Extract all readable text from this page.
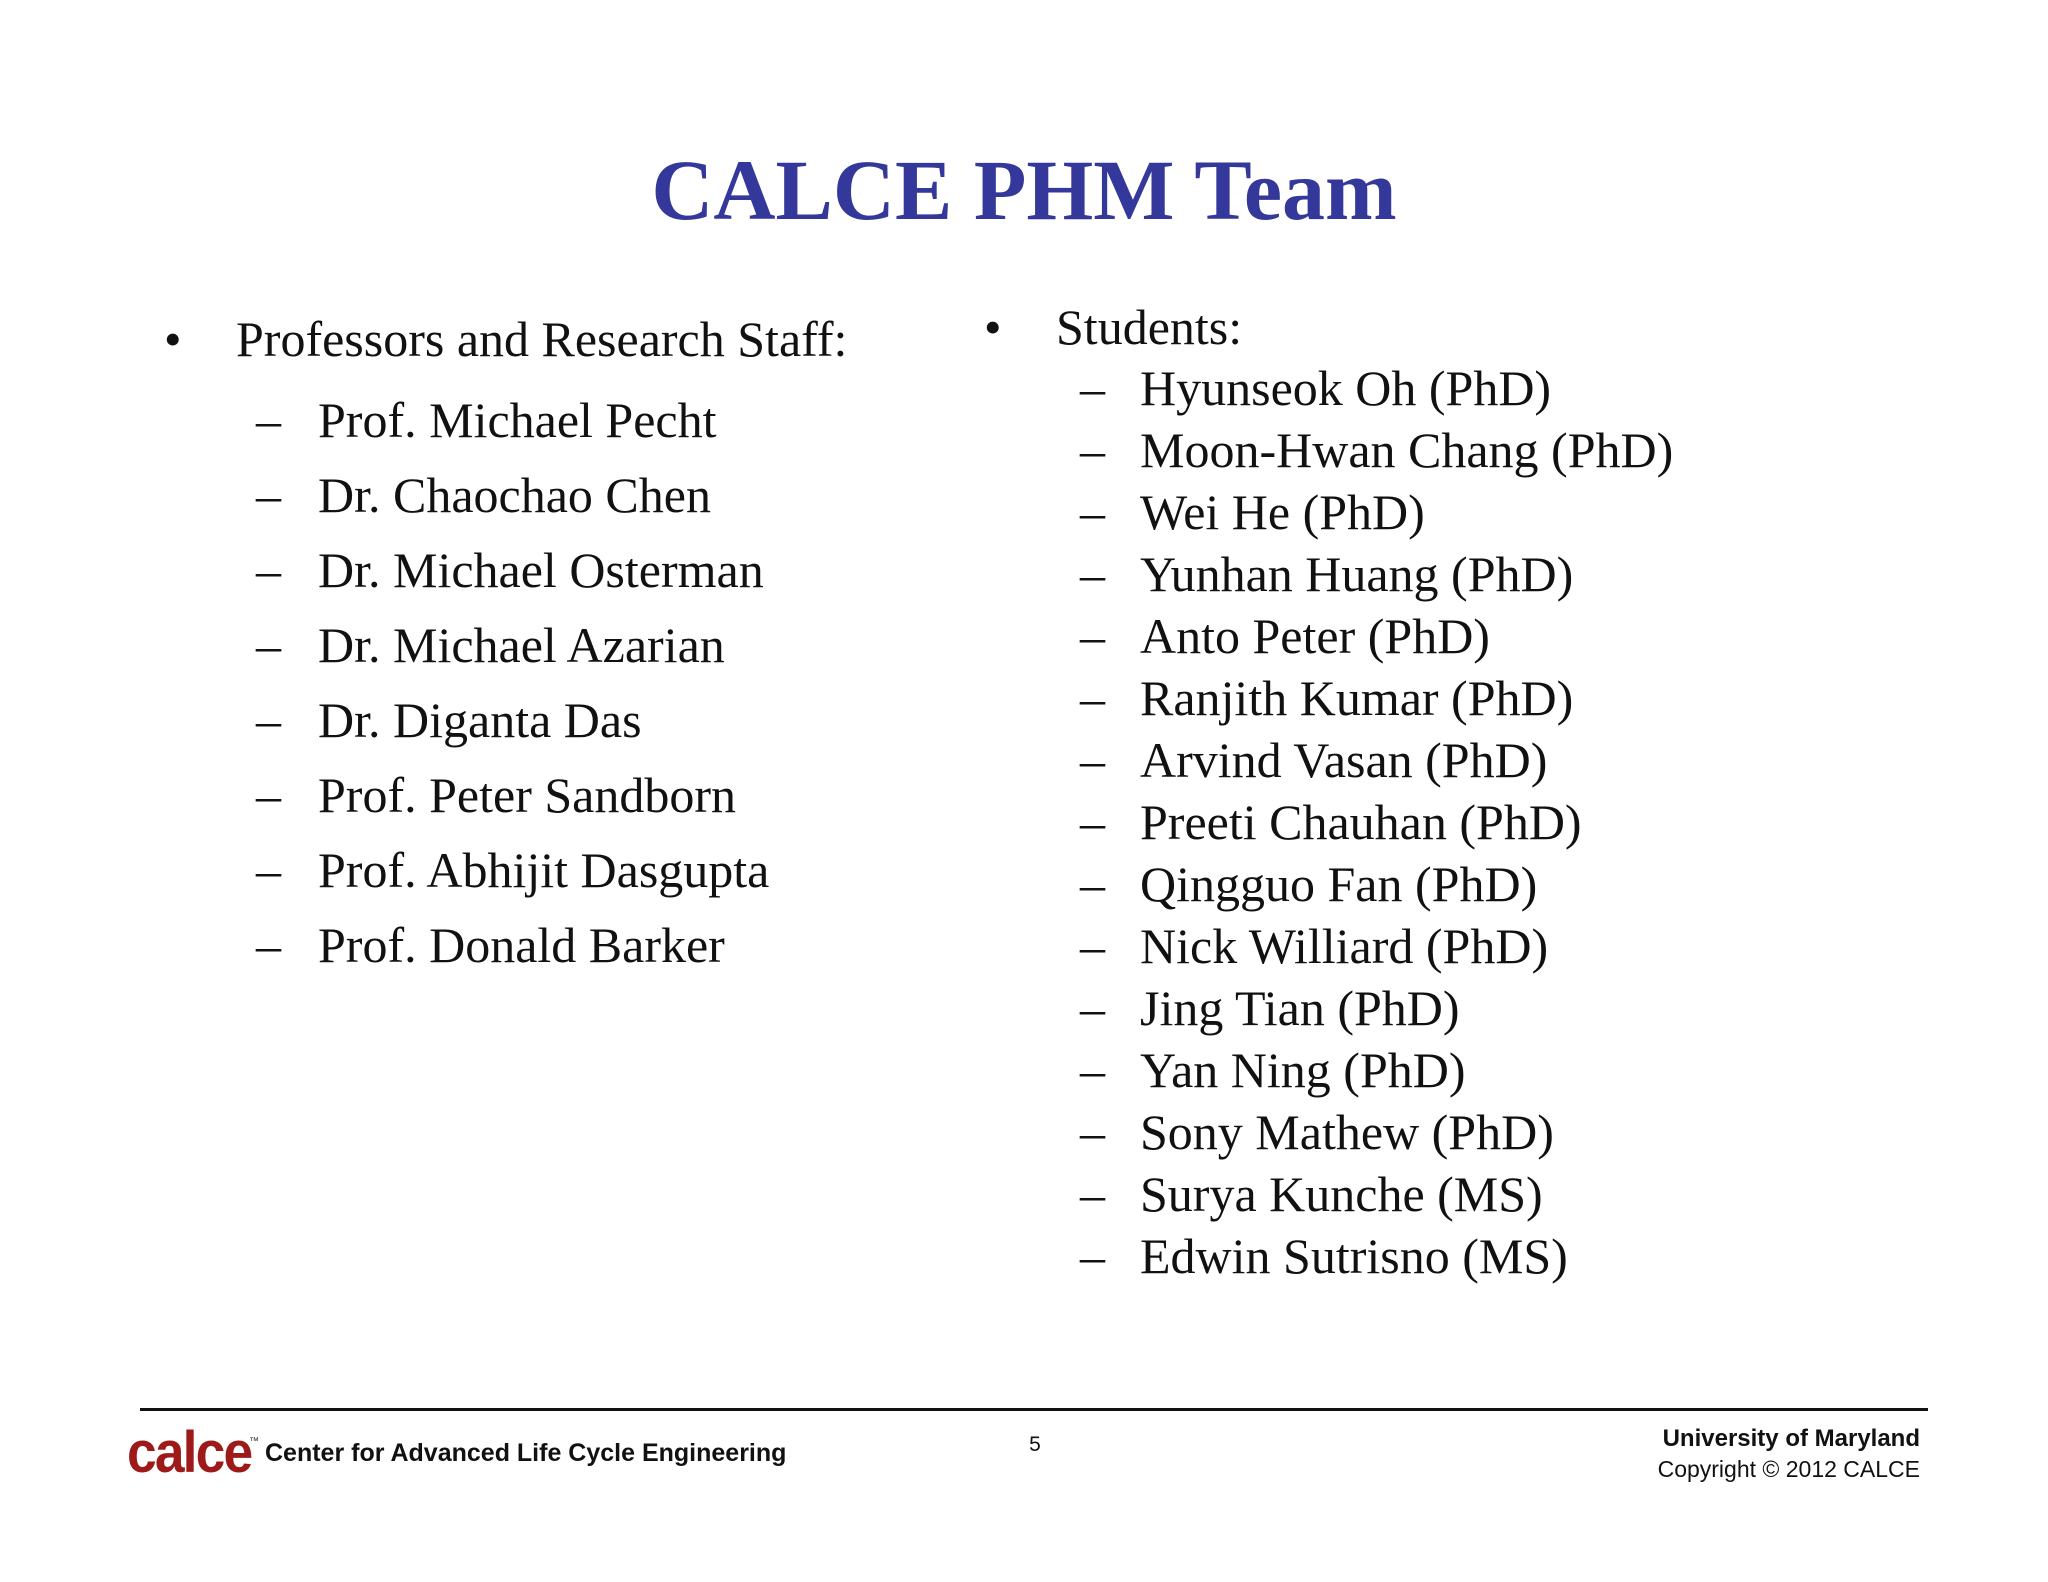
CALCE PHM Team
• Professors and Research Staff:
– Prof. Michael Pecht
– Dr. Chaochao Chen
– Dr. Michael Osterman
– Dr. Michael Azarian
– Dr. Diganta Das
– Prof. Peter Sandborn
– Prof. Abhijit Dasgupta
– Prof. Donald Barker
• Students:
– Hyunseok Oh (PhD)
– Moon-Hwan Chang (PhD)
– Wei He (PhD)
– Yunhan Huang (PhD)
– Anto Peter (PhD)
– Ranjith Kumar (PhD)
– Arvind Vasan (PhD)
– Preeti Chauhan (PhD)
– Qingguo Fan (PhD)
– Nick Williard (PhD)
– Jing Tian (PhD)
– Yan Ning (PhD)
– Sony Mathew (PhD)
– Surya Kunche (MS)
– Edwin Sutrisno (MS)
calce
™ Center for Advanced Life Cycle Engineering	5	University of Maryland
Copyright © 2012 CALCE
